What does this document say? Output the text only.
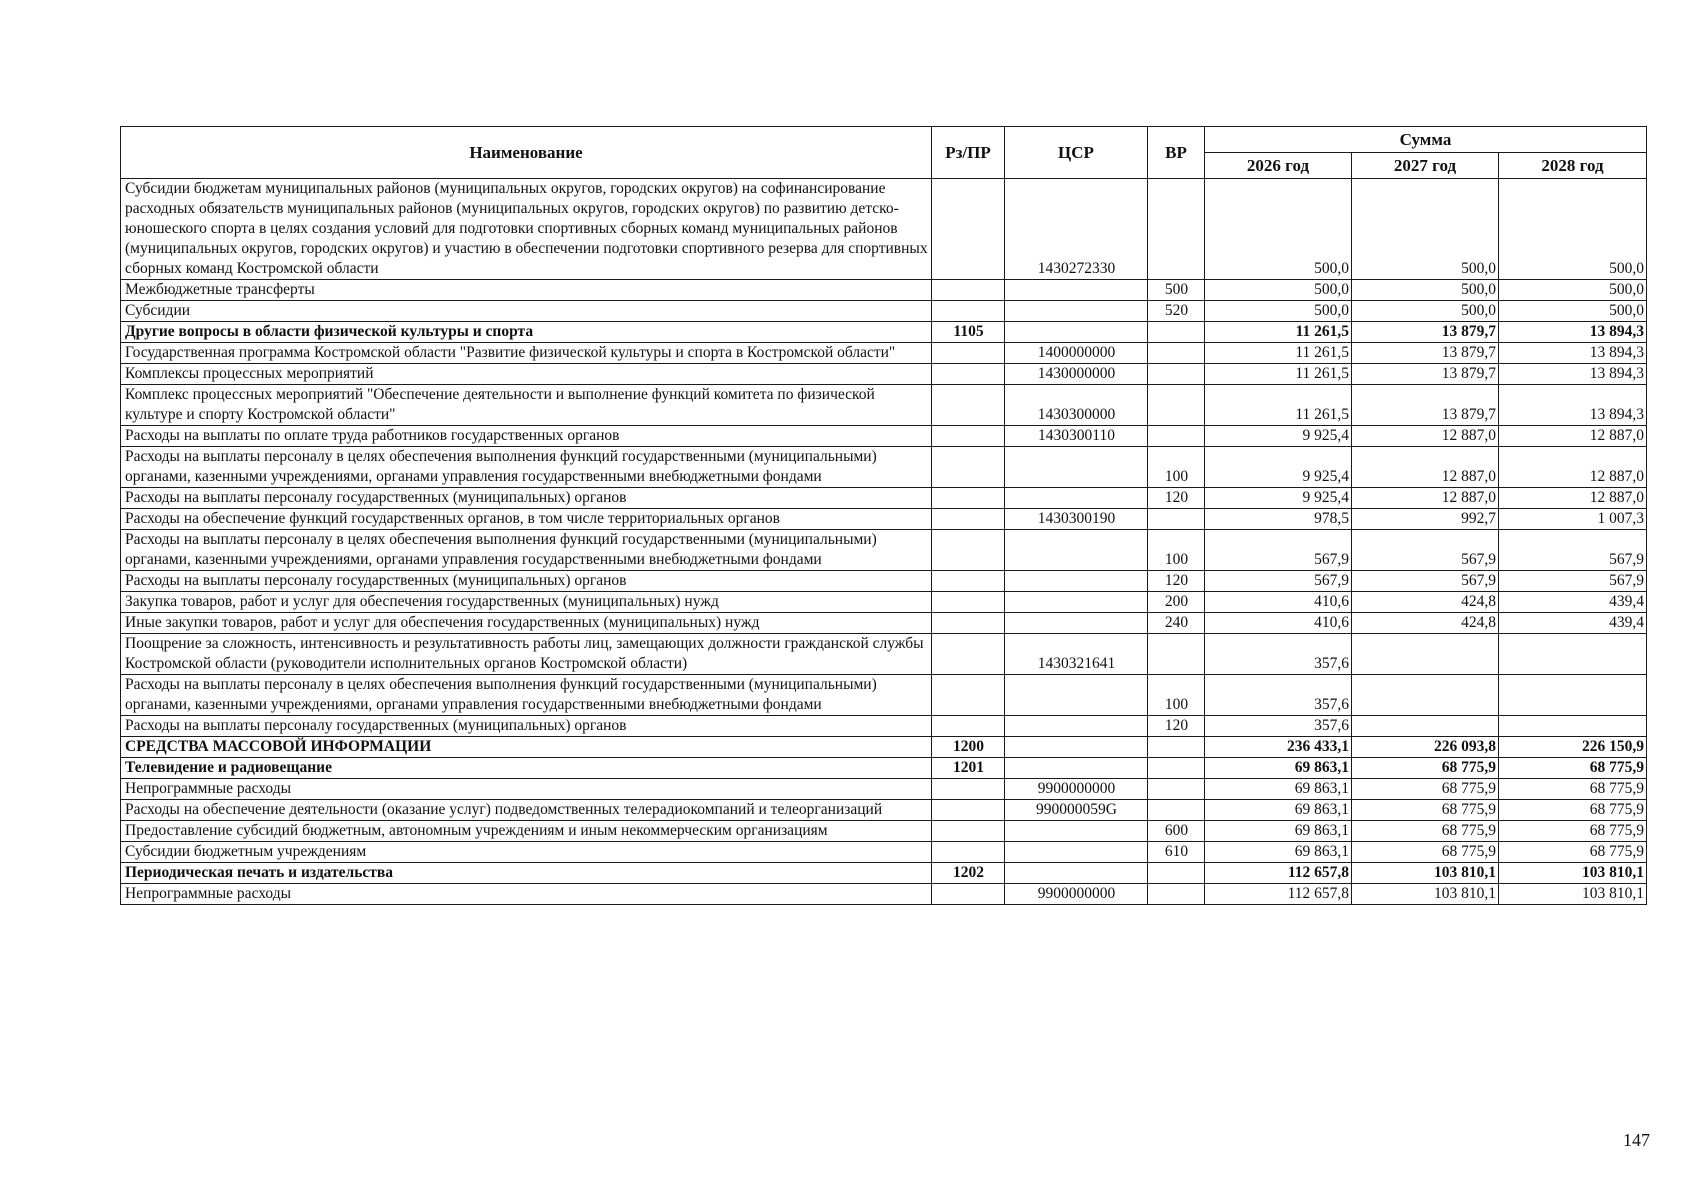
Наименование	Рз/ПР	ЦСР	ВР	Сумма		
				2026 год	2027 год	2028 год
Субсидии бюджетам муниципальных районов (муниципальных округов, городских округов) на софинансирование расходных обязательств муниципальных районов (муниципальных округов, городских округов) по развитию детско-юношеского спорта в целях создания условий для подготовки спортивных сборных команд муниципальных районов (муниципальных округов, городских округов) и участию в обеспечении подготовки спортивного резерва для спортивных сборных команд Костромской области		1430272330		500,0	500,0	500,0
Межбюджетные трансферты			500	500,0	500,0	500,0
Субсидии			520	500,0	500,0	500,0
Другие вопросы в области физической культуры и спорта	1105			11 261,5	13 879,7	13 894,3
Государственная программа Костромской области "Развитие физической культуры и спорта в Костромской области"		1400000000		11 261,5	13 879,7	13 894,3
Комплексы процессных мероприятий		1430000000		11 261,5	13 879,7	13 894,3
Комплекс процессных мероприятий "Обеспечение деятельности и выполнение функций комитета по физической культуре и спорту Костромской области"		1430300000		11 261,5	13 879,7	13 894,3
Расходы на выплаты по оплате труда работников государственных органов		1430300110		9 925,4	12 887,0	12 887,0
Расходы на выплаты персоналу в целях обеспечения выполнения функций государственными (муниципальными) органами, казенными учреждениями, органами управления государственными внебюджетными фондами			100	9 925,4	12 887,0	12 887,0
Расходы на выплаты персоналу государственных (муниципальных) органов			120	9 925,4	12 887,0	12 887,0
Расходы на обеспечение функций государственных органов, в том числе территориальных органов		1430300190		978,5	992,7	1 007,3
Расходы на выплаты персоналу в целях обеспечения выполнения функций государственными (муниципальными) органами, казенными учреждениями, органами управления государственными внебюджетными фондами			100	567,9	567,9	567,9
Расходы на выплаты персоналу государственных (муниципальных) органов			120	567,9	567,9	567,9
Закупка товаров, работ и услуг для обеспечения государственных (муниципальных) нужд			200	410,6	424,8	439,4
Иные закупки товаров, работ и услуг для обеспечения государственных (муниципальных) нужд			240	410,6	424,8	439,4
Поощрение за сложность, интенсивность и результативность работы лиц, замещающих должности гражданской службы Костромской области (руководители исполнительных органов Костромской области)		1430321641		357,6		
Расходы на выплаты персоналу в целях обеспечения выполнения функций государственными (муниципальными) органами, казенными учреждениями, органами управления государственными внебюджетными фондами			100	357,6		
Расходы на выплаты персоналу государственных (муниципальных) органов			120	357,6		
СРЕДСТВА МАССОВОЙ ИНФОРМАЦИИ	1200			236 433,1	226 093,8	226 150,9
Телевидение и радиовещание	1201			69 863,1	68 775,9	68 775,9
Непрограммные расходы		9900000000		69 863,1	68 775,9	68 775,9
Расходы на обеспечение деятельности (оказание услуг) подведомственных телерадиокомпаний и телеорганизаций		990000059G		69 863,1	68 775,9	68 775,9
Предоставление субсидий бюджетным, автономным учреждениям и иным некоммерческим организациям			600	69 863,1	68 775,9	68 775,9
Субсидии бюджетным учреждениям			610	69 863,1	68 775,9	68 775,9
Периодическая печать и издательства	1202			112 657,8	103 810,1	103 810,1
Непрограммные расходы		9900000000		112 657,8	103 810,1	103 810,1
147
